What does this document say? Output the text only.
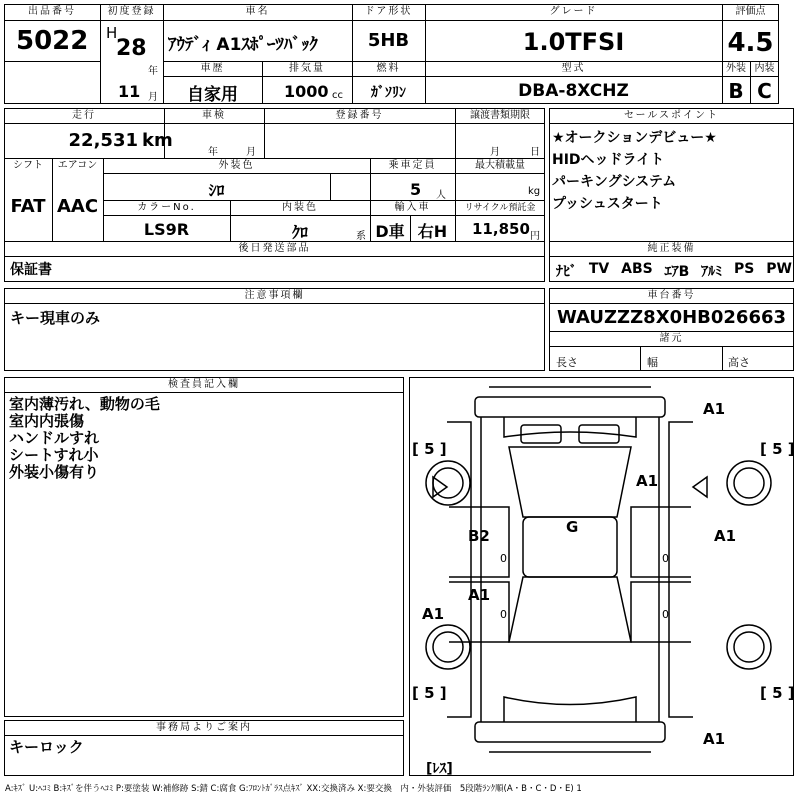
出品番号
5022
初度登録
H
28
年
11 月
車名
ｱｳﾃﾞｨ A1ｽﾎﾟｰﾂﾊﾞｯｸ
ドア形状
5HB
グレード
1.0TFSI
評価点
4.5
車歴
自家用
排気量
1000 cc
燃料
ｶﾞｿﾘﾝ
型式
DBA-8XCHZ
外装
B
内装
C
走行
22,531 km
車検
年	月
登録番号	譲渡書類期限
月	日
シフト
FAT
エアコン
AAC
外装色
ｼﾛ
乗車定員
5 人
最大積載量
kg
カラーNo.
LS9R
内装色
ｸﾛ	系
輸入車
D車 右H
リサイクル預託金
11,850 円
後日発送部品
保証書
セールスポイント
★オークションデビュー★
HIDヘッドライト
パーキングシステム
プッシュスタート
純正装備
ﾅﾋﾞ TV ABS ｴｱB ｱﾙﾐ PS PW
注意事項欄
キー現車のみ
車台番号
WAUZZZ8X0HB026663
諸元
長さ	幅	高さ
検査員記入欄
室内薄汚れ、動物の毛
室内内張傷
ハンドルすれ
シートすれ小
外装小傷有り
事務局よりご案内
キーロック
[ 5 ]	[ 5 ]
[ 5 ]	[ 5 ]
[ﾚｽ]
A1
A1
G
B2	A1
A1
A1
A1
0
0
0
0
A:ｷｽﾞ U:ﾍｺﾐ B:ｷｽﾞを伴うﾍｺﾐ P:要塗装 W:補修跡 S:錆 C:腐食 G:ﾌﾛﾝﾄｶﾞﾗｽ点ｷｽﾞ XX:交換済み X:要交換　内・外装評価　5段階ﾗﾝｸ順(A・B・C・D・E) 1
